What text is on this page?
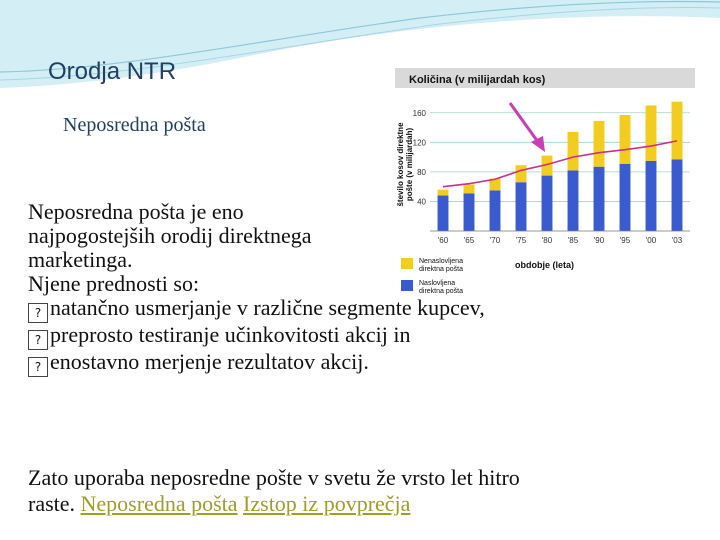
Orodja NTR
Neposredna pošta
Količina (v milijardah kos)
število kosov direktne pošte (v milijardah)
40
80
120
160
'60 '65 '70 '75 '80 '85 '90 '95 '00 '03
Nenaslovljena
direktna pošta
Naslovljena
direktna pošta
obdobje (leta)

Neposredna pošta je eno

najpogostejših orodij direktnega

marketinga.

Njene prednosti so:

? natančno usmerjanje v različne segmente kupcev,

? preprosto testiranje učinkovitosti akcij in

? enostavno merjenje rezultatov akcij.

Zato uporaba neposredne pošte v svetu že vrsto let hitro
raste. Neposredna pošta Izstop iz povprečja
